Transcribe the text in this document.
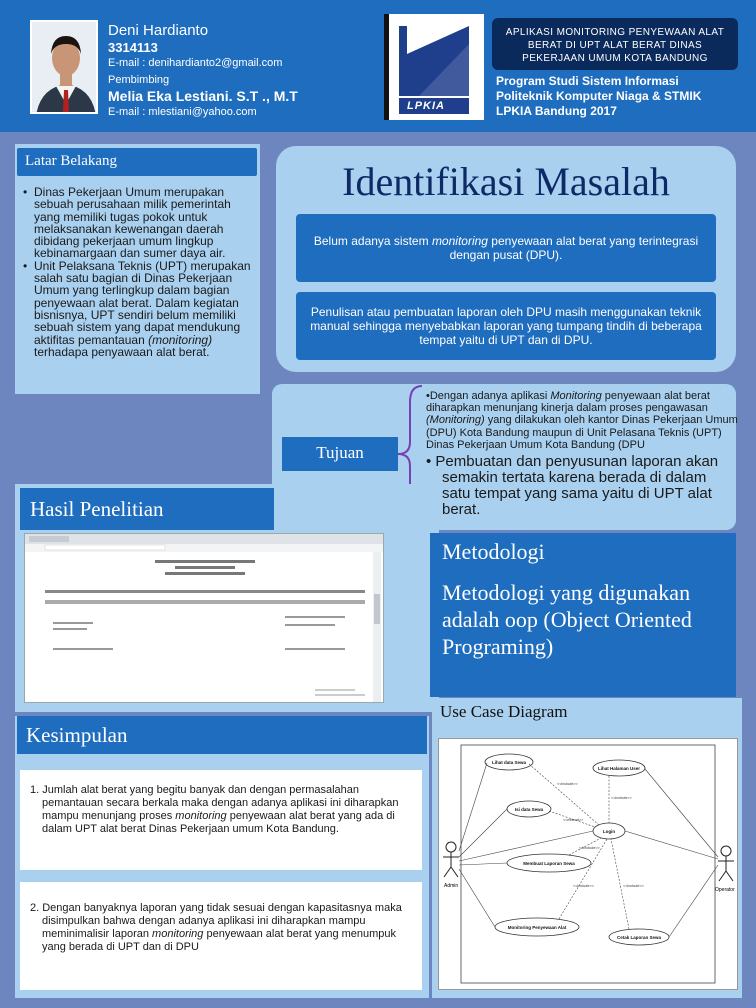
Deni Hardianto
3314113
E-mail : denihardianto2@gmail.com
Pembimbing
Melia Eka Lestiani. S.T ., M.T
E-mail : mlestiani@yahoo.com	LPKIA
APLIKASI MONITORING PENYEWAAN ALAT BERAT DI UPT ALAT BERAT DINAS PEKERJAAN UMUM KOTA BANDUNG
Program Studi Sistem Informasi
Politeknik Komputer Niaga & STMIK
LPKIA Bandung 2017
Latar Belakang
• Dinas Pekerjaan Umum merupakan sebuah perusahaan milik pemerintah yang memiliki tugas pokok untuk melaksanakan kewenangan daerah dibidang pekerjaan umum lingkup kebinamargaan dan sumer daya air.
• Unit Pelaksana Teknis (UPT) merupakan salah satu bagian di Dinas Pekerjaan Umum yang terlingkup dalam bagian penyewaan alat berat. Dalam kegiatan bisnisnya, UPT sendiri belum memiliki sebuah sistem yang dapat mendukung aktifitas pemantauan (monitoring) terhadapa penyawaan alat berat.
Identifikasi Masalah
Belum adanya sistem monitoring penyewaan alat berat yang terintegrasi dengan pusat (DPU).
Penulisan atau pembuatan laporan oleh DPU masih menggunakan teknik manual sehingga menyebabkan laporan yang tumpang tindih di beberapa tempat yaitu di UPT dan di DPU.
Tujuan
•Dengan adanya aplikasi Monitoring penyewaan alat berat diharapkan menunjang kinerja dalam proses pengawasan (Monitoring) yang dilakukan oleh kantor Dinas Pekerjaan Umum (DPU) Kota Bandung maupun di Unit Pelasana Teknis (UPT) Dinas Pekerjaan Umum Kota Bandung (DPU
• Pembuatan dan penyusunan laporan akan semakin tertata karena berada di dalam satu tempat yang sama yaitu di UPT alat berat.
Hasil Penelitian
Metodologi
Metodologi yang digunakan adalah oop (Object Oriented Programing)
Kesimpulan
1. Jumlah alat berat yang begitu banyak dan dengan permasalahan pemantauan secara berkala maka dengan adanya aplikasi ini diharapkan mampu menunjang proses monitoring penyewaan alat berat yang ada di dalam UPT alat berat Dinas Pekerjaan umum Kota Bandung.
2. Dengan banyaknya laporan yang tidak sesuai dengan kapasitasnya maka disimpulkan bahwa dengan adanya aplikasi ini diharapkan mampu meminimalisir laporan monitoring penyewaan alat berat yang menumpuk yang berada di UPT dan di DPU
Use Case Diagram
Admin
Operator
Lihat data Sewa
Lihat Halaman User
Isi data Sewa
Login
Membuat Laporan Sewa
Monitoring Penyewaan Alat
Cetak Laporan Sewa
<<include>>
<<include>>
<<extend>>
<<include>>
<<include>>	<<include>>
